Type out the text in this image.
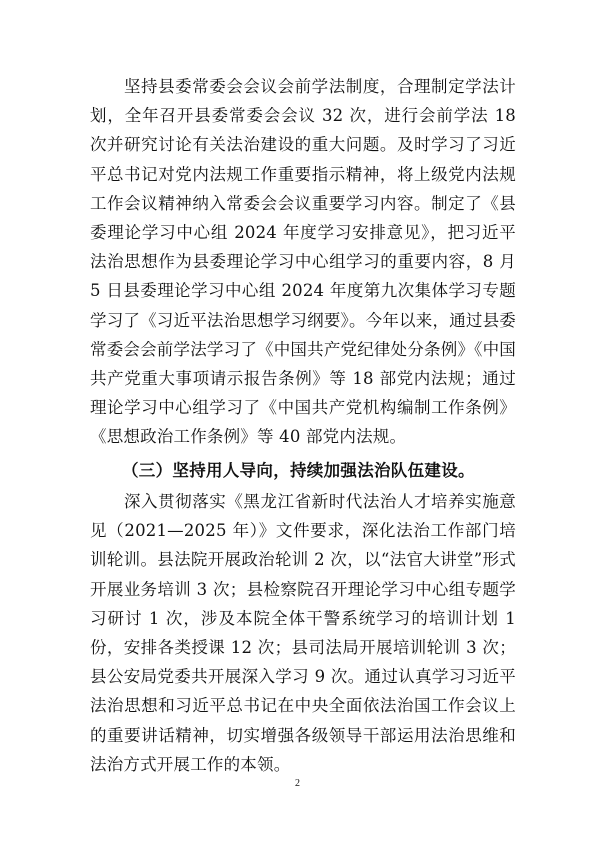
坚持县委常委会会议会前学法制度，合理制定学法计划，全年召开县委常委会会议 32 次，进行会前学法 18 次并研究讨论有关法治建设的重大问题。及时学习了习近平总书记对党内法规工作重要指示精神，将上级党内法规工作会议精神纳入常委会会议重要学习内容。制定了《县委理论学习中心组 2024 年度学习安排意见》，把习近平法治思想作为县委理论学习中心组学习的重要内容，8 月 5 日县委理论学习中心组 2024 年度第九次集体学习专题学习了《习近平法治思想学习纲要》。今年以来，通过县委常委会会前学法学习了《中国共产党纪律处分条例》《中国共产党重大事项请示报告条例》等 18 部党内法规；通过理论学习中心组学习了《中国共产党机构编制工作条例》《思想政治工作条例》等 40 部党内法规。

（三）坚持用人导向，持续加强法治队伍建设。

深入贯彻落实《黑龙江省新时代法治人才培养实施意见（2021—2025 年）》文件要求，深化法治工作部门培训轮训。县法院开展政治轮训 2 次，以“法官大讲堂”形式开展业务培训 3 次；县检察院召开理论学习中心组专题学习研讨 1 次，涉及本院全体干警系统学习的培训计划 1 份，安排各类授课 12 次；县司法局开展培训轮训 3 次；县公安局党委共开展深入学习 9 次。通过认真学习习近平法治思想和习近平总书记在中央全面依法治国工作会议上的重要讲话精神，切实增强各级领导干部运用法治思维和法治方式开展工作的本领。

2
